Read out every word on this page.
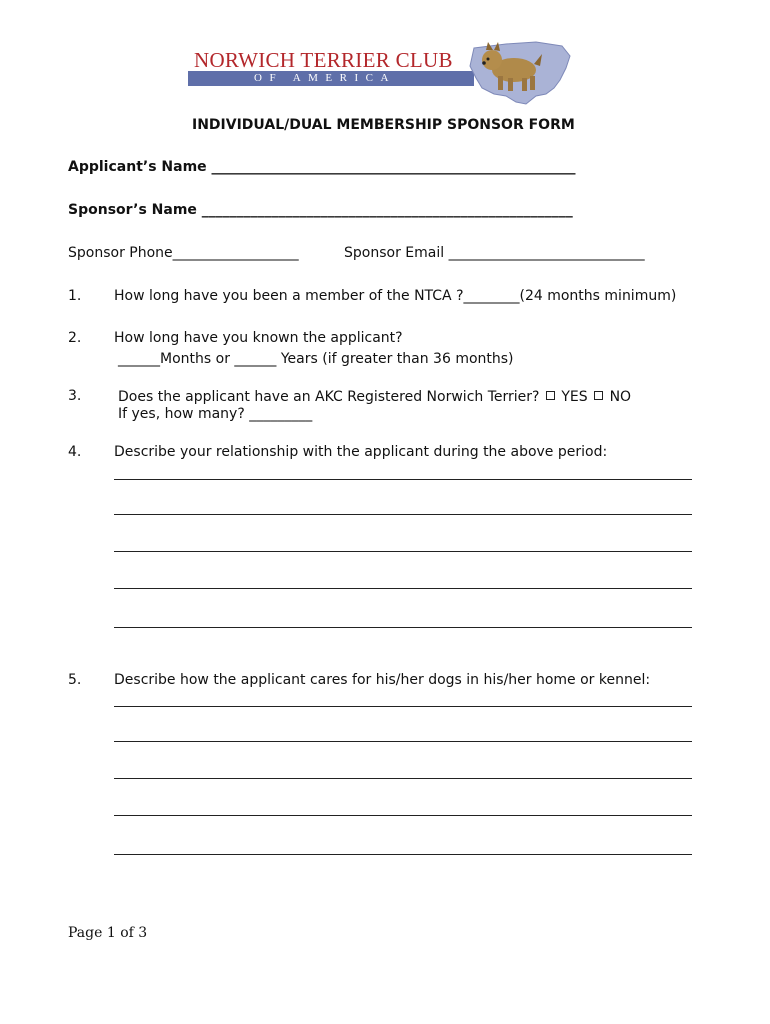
NORWICH TERRIER CLUB
OF AMERICA
INDIVIDUAL/DUAL MEMBERSHIP SPONSOR FORM
Applicant’s Name ____________________________________________________
Sponsor’s Name _____________________________________________________
Sponsor Phone__________________	Sponsor Email ____________________________
1. How long have you been a member of the NTCA ?________(24 months minimum)
2. How long have you known the applicant?
______Months or ______ Years (if greater than 36 months)
3.	Does the applicant have an AKC Registered Norwich Terrier? YES NO
If yes, how many? _________
4. Describe your relationship with the applicant during the above period:
5. Describe how the applicant cares for his/her dogs in his/her home or kennel:
Page 1 of 3
